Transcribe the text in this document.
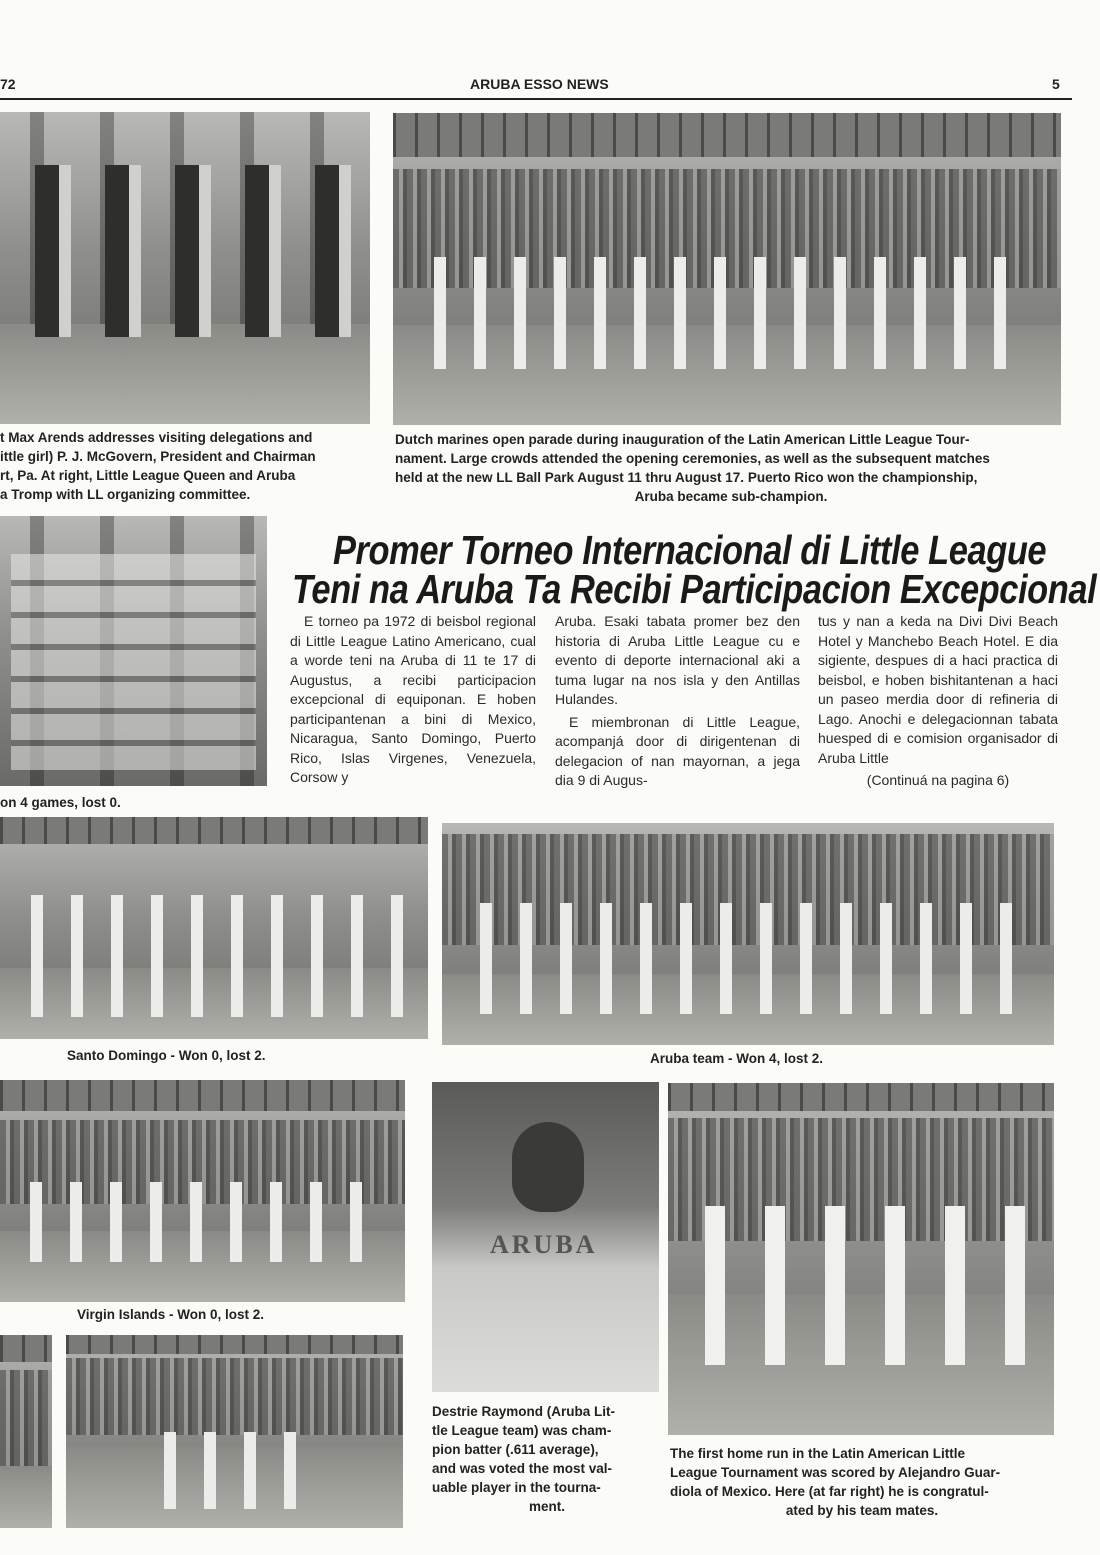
72	ARUBA ESSO NEWS	5
t Max Arends addresses visiting delegations and
ittle girl) P. J. McGovern, President and Chairman
rt, Pa. At right, Little League Queen and Aruba
a Tromp with LL organizing committee.
Dutch marines open parade during inauguration of the Latin American Little League Tour-
nament. Large crowds attended the opening ceremonies, as well as the subsequent matches
held at the new LL Ball Park August 11 thru August 17. Puerto Rico won the championship,
Aruba became sub-champion.
on 4 games, lost 0.
Promer Torneo Internacional di Little League
Teni na Aruba Ta Recibi Participacion Excepcional

E torneo pa 1972 di beisbol regional di Little League Latino Americano, cual a worde teni na Aruba di 11 te 17 di Augustus, a recibi participacion excepcional di equiponan. E hoben participantenan a bini di Mexico, Nicaragua, Santo Domingo, Puerto Rico, Islas Virgenes, Venezuela, Corsow y

Aruba. Esaki tabata promer bez den historia di Aruba Little League cu e evento di deporte internacional aki a tuma lugar na nos isla y den Antillas Hulandes.

E miembronan di Little League, acompanjá door di dirigentenan di delegacion of nan mayornan, a jega dia 9 di Augus-

tus y nan a keda na Divi Divi Beach Hotel y Manchebo Beach Hotel. E dia sigiente, despues di a haci practica di beisbol, e hoben bishitantenan a haci un paseo merdia door di refineria di Lago. Anochi e delegacionnan tabata huesped di e comision organisador di Aruba Little

(Continuá na pagina 6)

Santo Domingo - Won 0, lost 2.	Aruba team - Won 4, lost 2.
Virgin Islands - Won 0, lost 2.
ARUBA
Destrie Raymond (Aruba Lit-
tle League team) was cham-
pion batter (.611 average),
and was voted the most val-
uable player in the tourna-
ment.
The first home run in the Latin American Little
League Tournament was scored by Alejandro Guar-
diola of Mexico. Here (at far right) he is congratul-
ated by his team mates.
